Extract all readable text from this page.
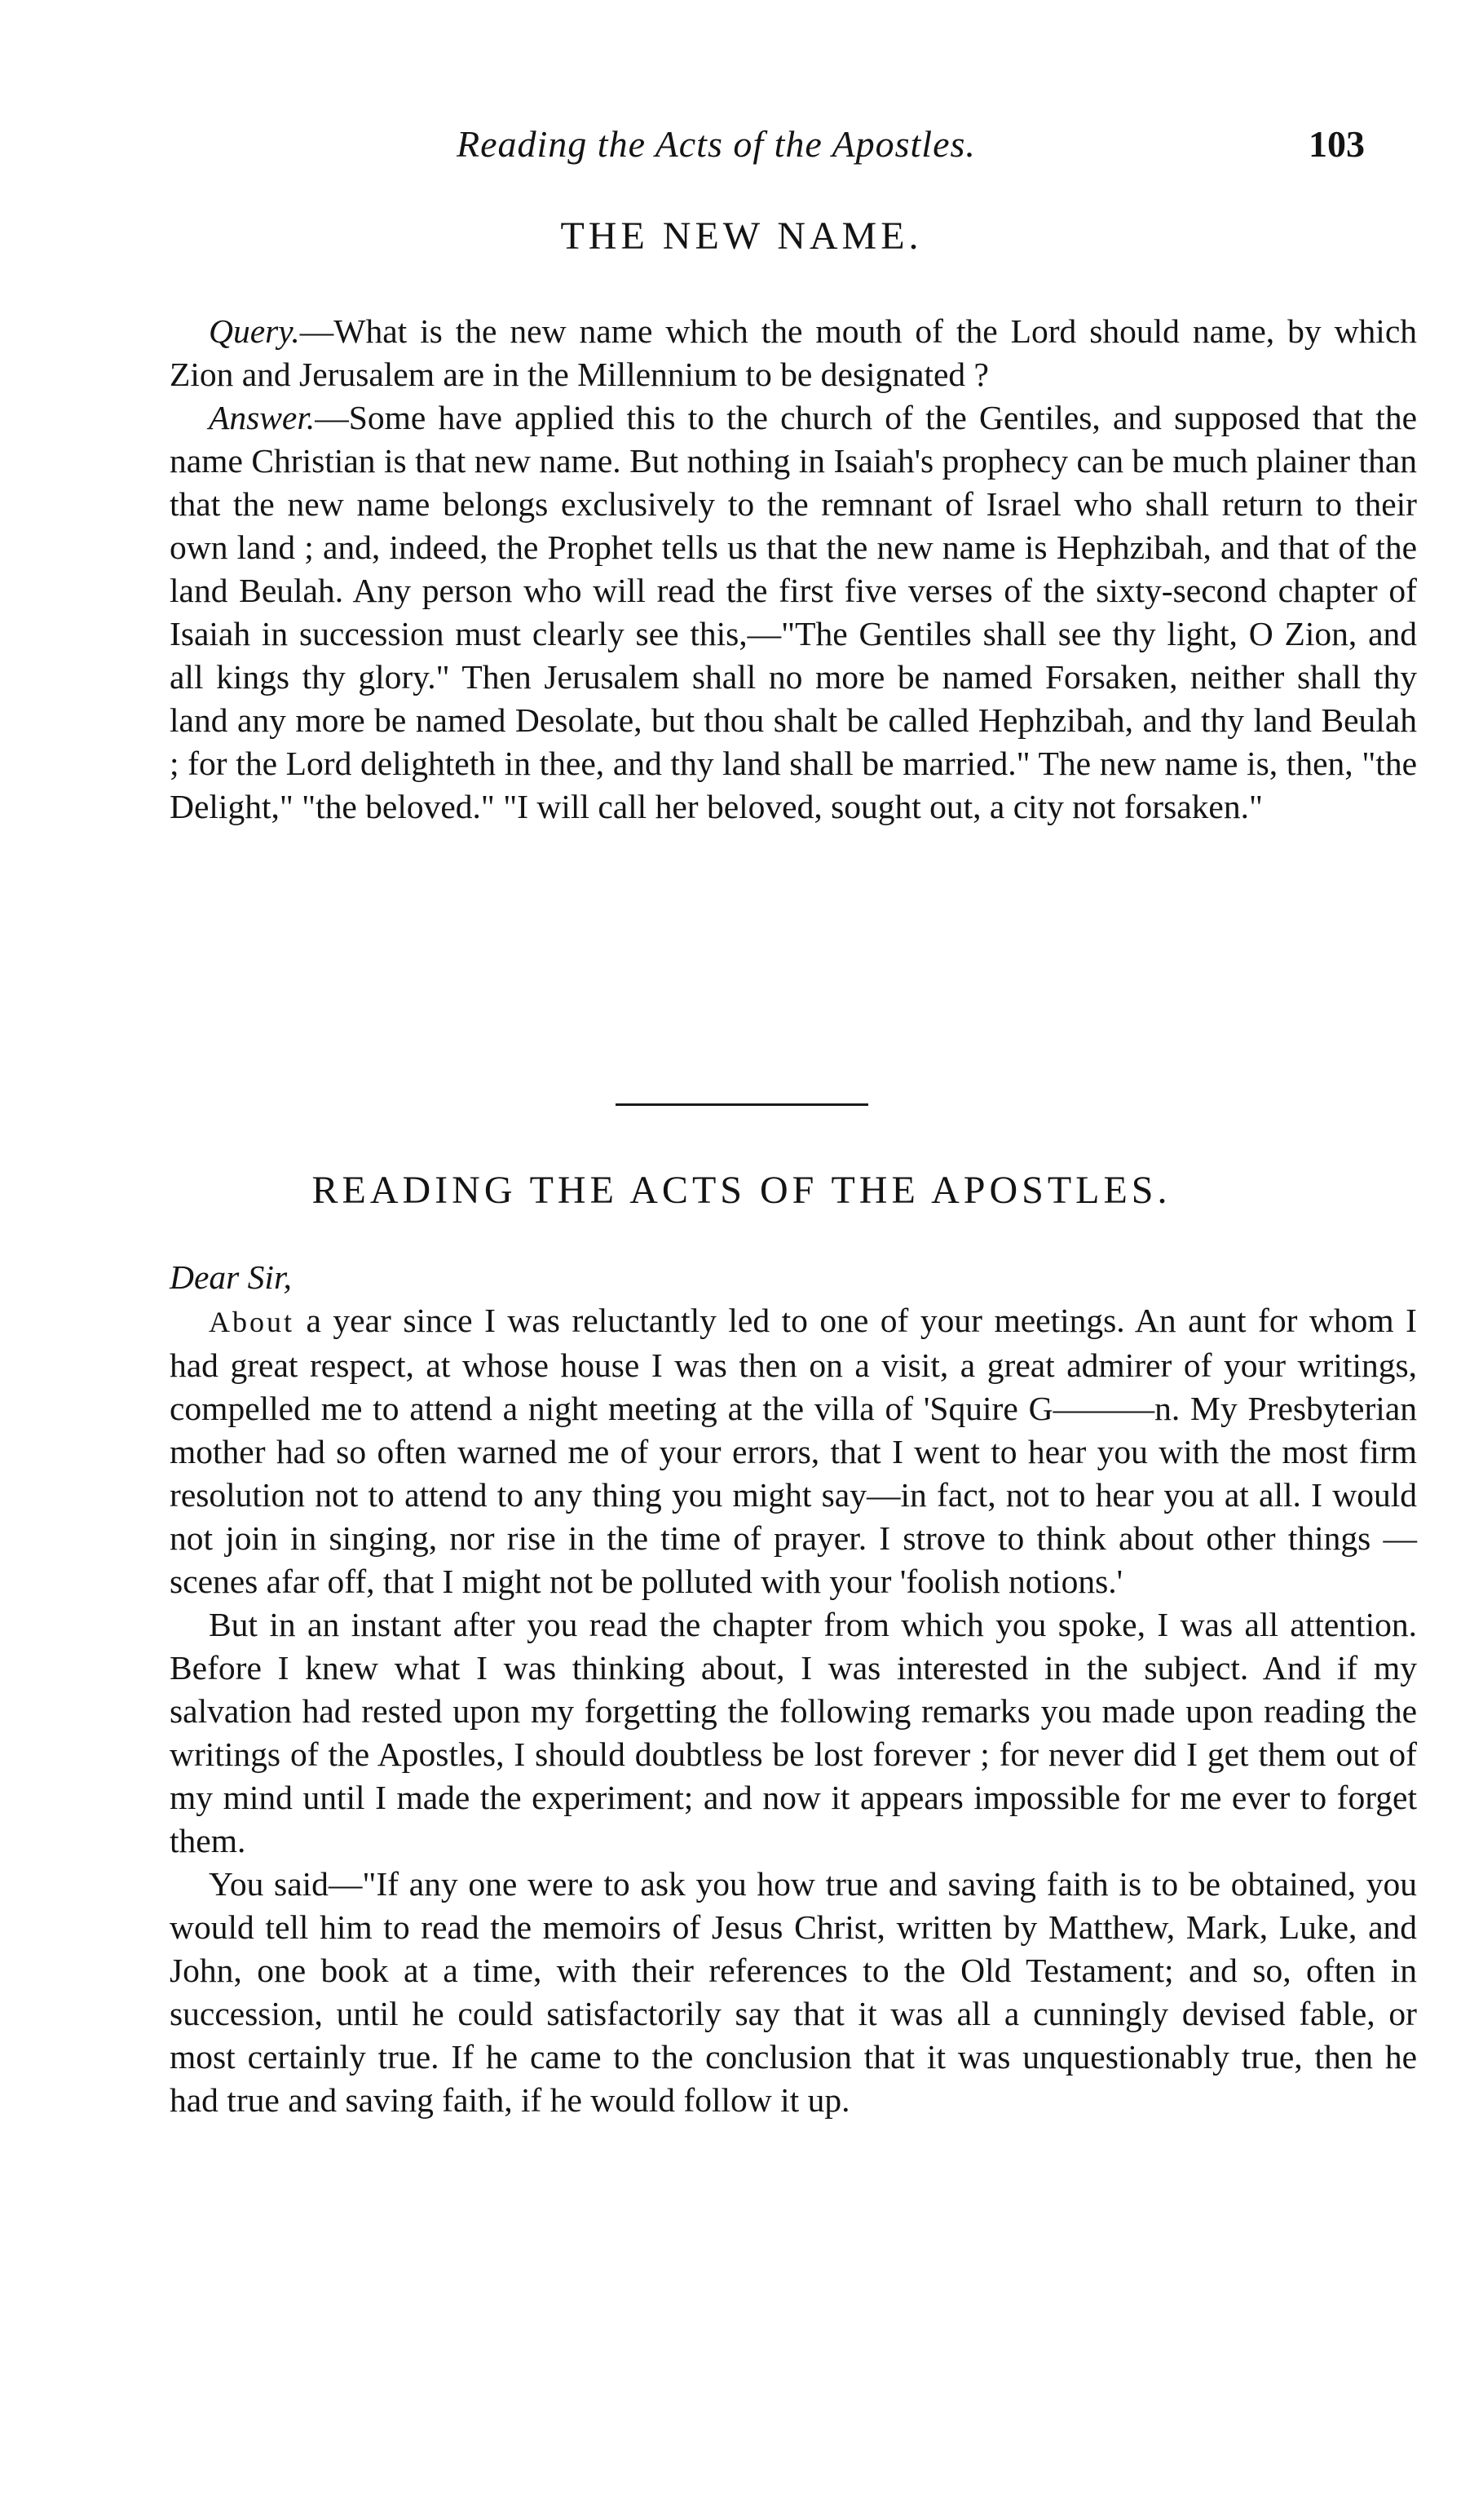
Reading the Acts of the Apostles.	103
THE NEW NAME.

Query.—What is the new name which the mouth of the Lord should name, by which Zion and Jerusalem are in the Millennium to be designated ?

Answer.—Some have applied this to the church of the Gentiles, and supposed that the name Christian is that new name. But nothing in Isaiah's prophecy can be much plainer than that the new name belongs exclusively to the remnant of Israel who shall return to their own land ; and, indeed, the Prophet tells us that the new name is Hephzibah, and that of the land Beulah. Any person who will read the first five verses of the sixty-second chapter of Isaiah in succession must clearly see this,—"The Gentiles shall see thy light, O Zion, and all kings thy glory." Then Jerusalem shall no more be named Forsaken, neither shall thy land any more be named Desolate, but thou shalt be called Hephzibah, and thy land Beulah ; for the Lord delighteth in thee, and thy land shall be married." The new name is, then, "the Delight," "the beloved." "I will call her beloved, sought out, a city not forsaken."

READING THE ACTS OF THE APOSTLES.

Dear Sir,

About a year since I was reluctantly led to one of your meetings. An aunt for whom I had great respect, at whose house I was then on a visit, a great admirer of your writings, compelled me to attend a night meeting at the villa of 'Squire G———n. My Presbyterian mother had so often warned me of your errors, that I went to hear you with the most firm resolution not to attend to any thing you might say—in fact, not to hear you at all. I would not join in singing, nor rise in the time of prayer. I strove to think about other things —scenes afar off, that I might not be polluted with your 'foolish notions.'

But in an instant after you read the chapter from which you spoke, I was all attention. Before I knew what I was thinking about, I was interested in the subject. And if my salvation had rested upon my forgetting the following remarks you made upon reading the writings of the Apostles, I should doubtless be lost forever ; for never did I get them out of my mind until I made the experiment; and now it appears impossible for me ever to forget them.

You said—"If any one were to ask you how true and saving faith is to be obtained, you would tell him to read the memoirs of Jesus Christ, written by Matthew, Mark, Luke, and John, one book at a time, with their references to the Old Testament; and so, often in succession, until he could satisfactorily say that it was all a cunningly devised fable, or most certainly true. If he came to the conclusion that it was unquestionably true, then he had true and saving faith, if he would follow it up.
